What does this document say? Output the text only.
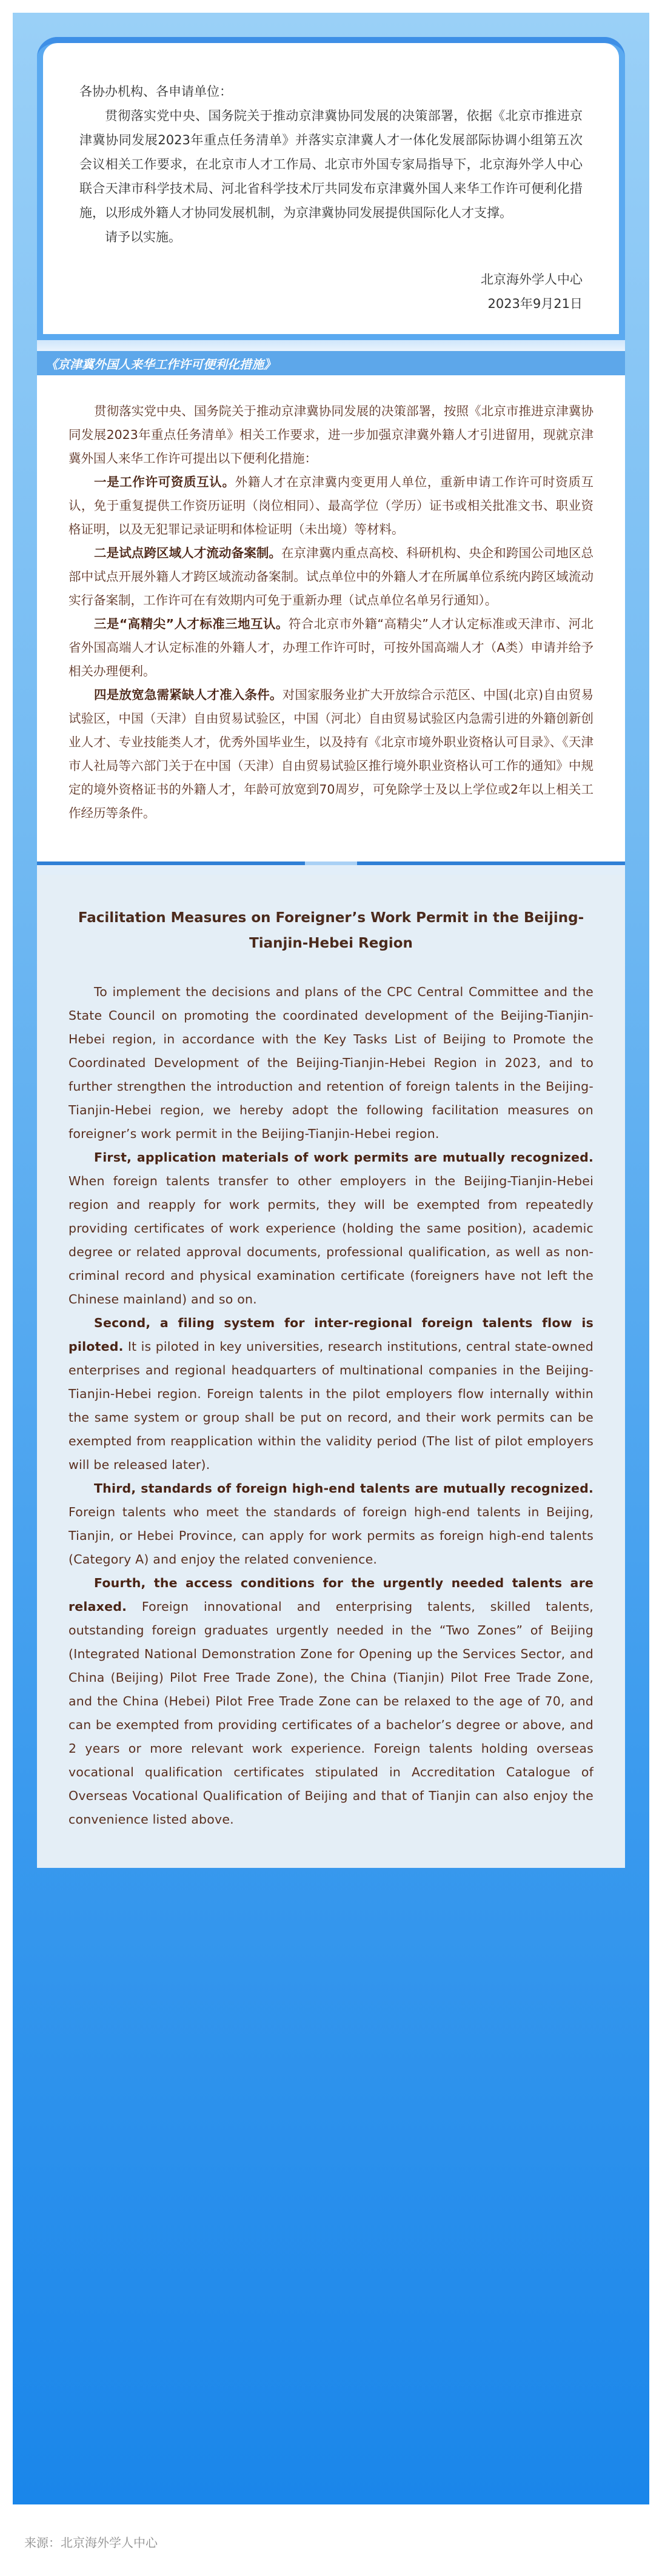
各协办机构、各申请单位：

贯彻落实党中央、国务院关于推动京津冀协同发展的决策部署，依据《北京市推进京津冀协同发展2023年重点任务清单》并落实京津冀人才一体化发展部际协调小组第五次会议相关工作要求，在北京市人才工作局、北京市外国专家局指导下，北京海外学人中心联合天津市科学技术局、河北省科学技术厅共同发布京津冀外国人来华工作许可便利化措施，以形成外籍人才协同发展机制，为京津冀协同发展提供国际化人才支撑。

请予以实施。

北京海外学人中心

2023年9月21日

《京津冀外国人来华工作许可便利化措施》

贯彻落实党中央、国务院关于推动京津冀协同发展的决策部署，按照《北京市推进京津冀协同发展2023年重点任务清单》相关工作要求，进一步加强京津冀外籍人才引进留用，现就京津冀外国人来华工作许可提出以下便利化措施：

一是工作许可资质互认。外籍人才在京津冀内变更用人单位，重新申请工作许可时资质互认，免于重复提供工作资历证明（岗位相同）、最高学位（学历）证书或相关批准文书、职业资格证明，以及无犯罪记录证明和体检证明（未出境）等材料。

二是试点跨区域人才流动备案制。在京津冀内重点高校、科研机构、央企和跨国公司地区总部中试点开展外籍人才跨区域流动备案制。试点单位中的外籍人才在所属单位系统内跨区域流动实行备案制，工作许可在有效期内可免于重新办理（试点单位名单另行通知）。

三是“高精尖”人才标准三地互认。符合北京市外籍“高精尖”人才认定标准或天津市、河北省外国高端人才认定标准的外籍人才，办理工作许可时，可按外国高端人才（A类）申请并给予相关办理便利。

四是放宽急需紧缺人才准入条件。对国家服务业扩大开放综合示范区、中国(北京)自由贸易试验区，中国（天津）自由贸易试验区，中国（河北）自由贸易试验区内急需引进的外籍创新创业人才、专业技能类人才，优秀外国毕业生，以及持有《北京市境外职业资格认可目录》、《天津市人社局等六部门关于在中国（天津）自由贸易试验区推行境外职业资格认可工作的通知》中规定的境外资格证书的外籍人才，年龄可放宽到70周岁，可免除学士及以上学位或2年以上相关工作经历等条件。

Facilitation Measures on Foreigner’s Work Permit in the Beijing-Tianjin-Hebei Region

To implement the decisions and plans of the CPC Central Committee and the State Council on promoting the coordinated development of the Beijing-Tianjin-Hebei region, in accordance with the Key Tasks List of Beijing to Promote the Coordinated Development of the Beijing-Tianjin-Hebei Region in 2023, and to further strengthen the introduction and retention of foreign talents in the Beijing-Tianjin-Hebei region, we hereby adopt the following facilitation measures on foreigner’s work permit in the Beijing-Tianjin-Hebei region.

First, application materials of work permits are mutually recognized. When foreign talents transfer to other employers in the Beijing-Tianjin-Hebei region and reapply for work permits, they will be exempted from repeatedly providing certificates of work experience (holding the same position), academic degree or related approval documents, professional qualification, as well as non-criminal record and physical examination certificate (foreigners have not left the Chinese mainland) and so on.

Second, a filing system for inter-regional foreign talents flow is piloted. It is piloted in key universities, research institutions, central state-owned enterprises and regional headquarters of multinational companies in the Beijing-Tianjin-Hebei region. Foreign talents in the pilot employers flow internally within the same system or group shall be put on record, and their work permits can be exempted from reapplication within the validity period (The list of pilot employers will be released later).

Third, standards of foreign high-end talents are mutually recognized. Foreign talents who meet the standards of foreign high-end talents in Beijing, Tianjin, or Hebei Province, can apply for work permits as foreign high-end talents (Category A) and enjoy the related convenience.

Fourth, the access conditions for the urgently needed talents are relaxed. Foreign innovational and enterprising talents, skilled talents, outstanding foreign graduates urgently needed in the “Two Zones” of Beijing (Integrated National Demonstration Zone for Opening up the Services Sector, and China (Beijing) Pilot Free Trade Zone), the China (Tianjin) Pilot Free Trade Zone, and the China (Hebei) Pilot Free Trade Zone can be relaxed to the age of 70, and can be exempted from providing certificates of a bachelor’s degree or above, and 2 years or more relevant work experience. Foreign talents holding overseas vocational qualification certificates stipulated in Accreditation Catalogue of Overseas Vocational Qualification of Beijing and that of Tianjin can also enjoy the convenience listed above.

来源：北京海外学人中心
